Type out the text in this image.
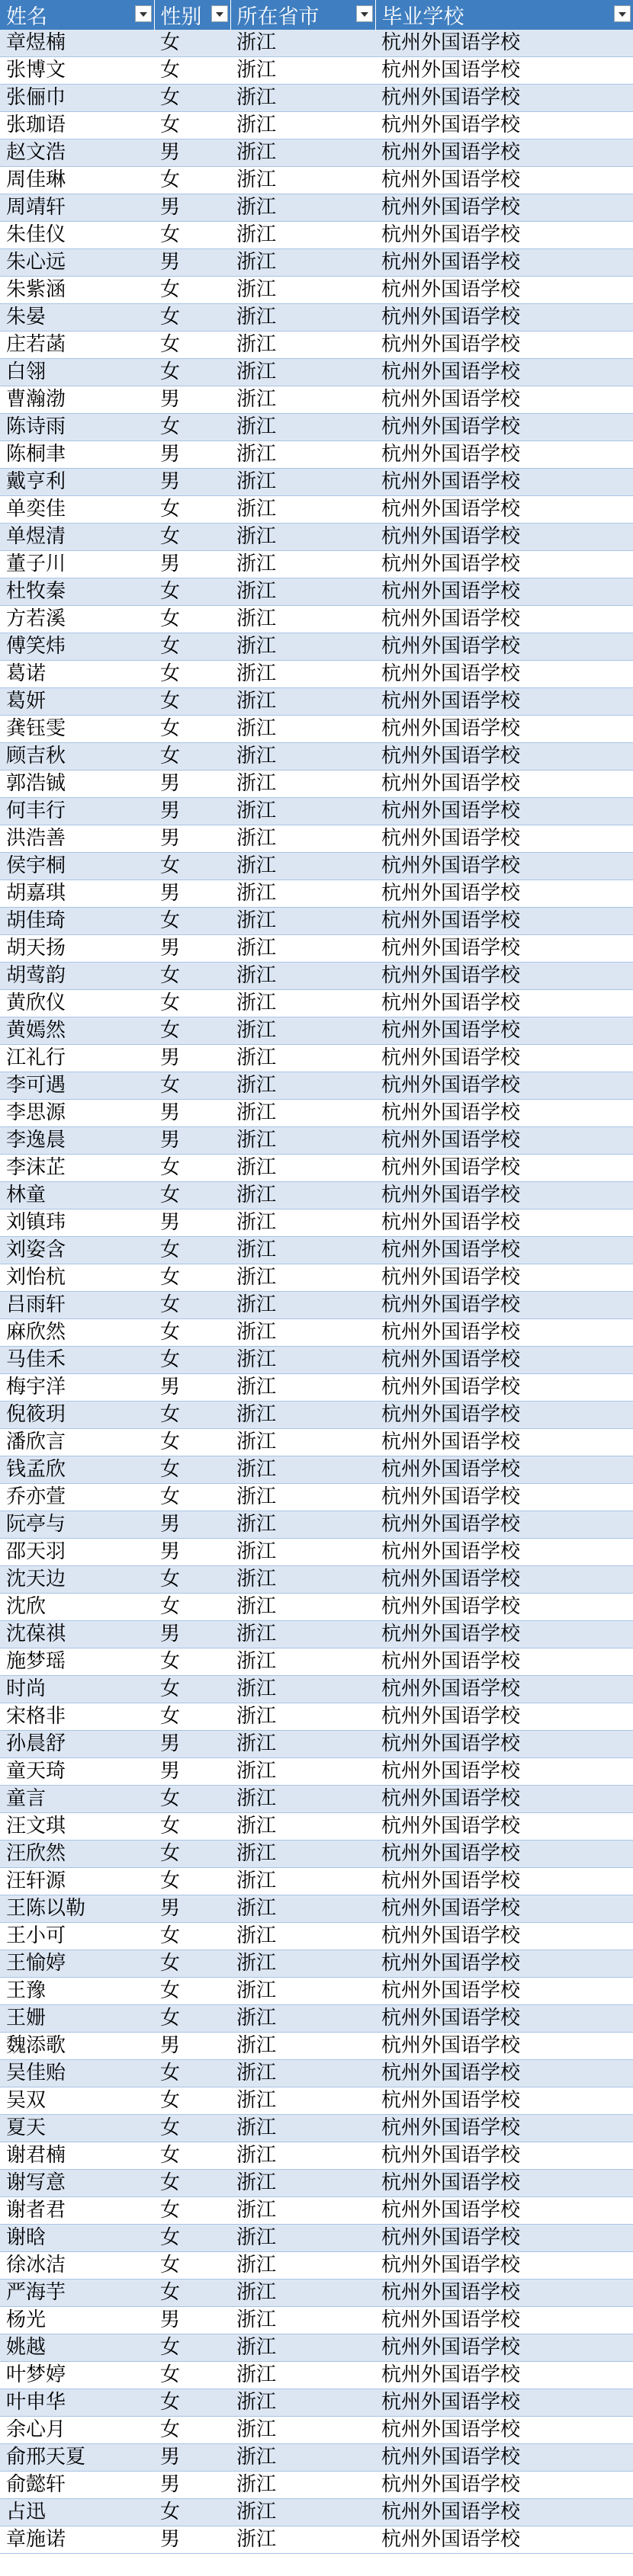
姓名	性别	所在省市	毕业学校

章煜楠	女	浙江	杭州外国语学校
张博文	女	浙江	杭州外国语学校
张俪巾	女	浙江	杭州外国语学校
张珈语	女	浙江	杭州外国语学校
赵文浩	男	浙江	杭州外国语学校
周佳琳	女	浙江	杭州外国语学校
周靖轩	男	浙江	杭州外国语学校
朱佳仪	女	浙江	杭州外国语学校
朱心远	男	浙江	杭州外国语学校
朱紫涵	女	浙江	杭州外国语学校
朱晏	女	浙江	杭州外国语学校
庄若菡	女	浙江	杭州外国语学校
白翎	女	浙江	杭州外国语学校
曹瀚渤	男	浙江	杭州外国语学校
陈诗雨	女	浙江	杭州外国语学校
陈桐聿	男	浙江	杭州外国语学校
戴亨利	男	浙江	杭州外国语学校
单奕佳	女	浙江	杭州外国语学校
单煜清	女	浙江	杭州外国语学校
董子川	男	浙江	杭州外国语学校
杜牧秦	女	浙江	杭州外国语学校
方若溪	女	浙江	杭州外国语学校
傅笑炜	女	浙江	杭州外国语学校
葛诺	女	浙江	杭州外国语学校
葛妍	女	浙江	杭州外国语学校
龚钰雯	女	浙江	杭州外国语学校
顾吉秋	女	浙江	杭州外国语学校
郭浩铖	男	浙江	杭州外国语学校
何丰行	男	浙江	杭州外国语学校
洪浩善	男	浙江	杭州外国语学校
侯宇桐	女	浙江	杭州外国语学校
胡嘉琪	男	浙江	杭州外国语学校
胡佳琦	女	浙江	杭州外国语学校
胡天扬	男	浙江	杭州外国语学校
胡莺韵	女	浙江	杭州外国语学校
黄欣仪	女	浙江	杭州外国语学校
黄嫣然	女	浙江	杭州外国语学校
江礼行	男	浙江	杭州外国语学校
李可遇	女	浙江	杭州外国语学校
李思源	男	浙江	杭州外国语学校
李逸晨	男	浙江	杭州外国语学校
李沫芷	女	浙江	杭州外国语学校
林童	女	浙江	杭州外国语学校
刘镇玮	男	浙江	杭州外国语学校
刘姿含	女	浙江	杭州外国语学校
刘怡杭	女	浙江	杭州外国语学校
吕雨轩	女	浙江	杭州外国语学校
麻欣然	女	浙江	杭州外国语学校
马佳禾	女	浙江	杭州外国语学校
梅宇洋	男	浙江	杭州外国语学校
倪筱玥	女	浙江	杭州外国语学校
潘欣言	女	浙江	杭州外国语学校
钱孟欣	女	浙江	杭州外国语学校
乔亦萱	女	浙江	杭州外国语学校
阮亭与	男	浙江	杭州外国语学校
邵天羽	男	浙江	杭州外国语学校
沈天边	女	浙江	杭州外国语学校
沈欣	女	浙江	杭州外国语学校
沈葆祺	男	浙江	杭州外国语学校
施梦瑶	女	浙江	杭州外国语学校
时尚	女	浙江	杭州外国语学校
宋格非	女	浙江	杭州外国语学校
孙晨舒	男	浙江	杭州外国语学校
童天琦	男	浙江	杭州外国语学校
童言	女	浙江	杭州外国语学校
汪文琪	女	浙江	杭州外国语学校
汪欣然	女	浙江	杭州外国语学校
汪轩源	女	浙江	杭州外国语学校
王陈以勒	男	浙江	杭州外国语学校
王小可	女	浙江	杭州外国语学校
王愉婷	女	浙江	杭州外国语学校
王豫	女	浙江	杭州外国语学校
王姗	女	浙江	杭州外国语学校
魏添歌	男	浙江	杭州外国语学校
吴佳贻	女	浙江	杭州外国语学校
吴双	女	浙江	杭州外国语学校
夏天	女	浙江	杭州外国语学校
谢君楠	女	浙江	杭州外国语学校
谢写意	女	浙江	杭州外国语学校
谢者君	女	浙江	杭州外国语学校
谢晗	女	浙江	杭州外国语学校
徐冰洁	女	浙江	杭州外国语学校
严海芋	女	浙江	杭州外国语学校
杨光	男	浙江	杭州外国语学校
姚越	女	浙江	杭州外国语学校
叶梦婷	女	浙江	杭州外国语学校
叶申华	女	浙江	杭州外国语学校
余心月	女	浙江	杭州外国语学校
俞邢天夏	男	浙江	杭州外国语学校
俞懿轩	男	浙江	杭州外国语学校
占迅	女	浙江	杭州外国语学校
章施诺	男	浙江	杭州外国语学校
